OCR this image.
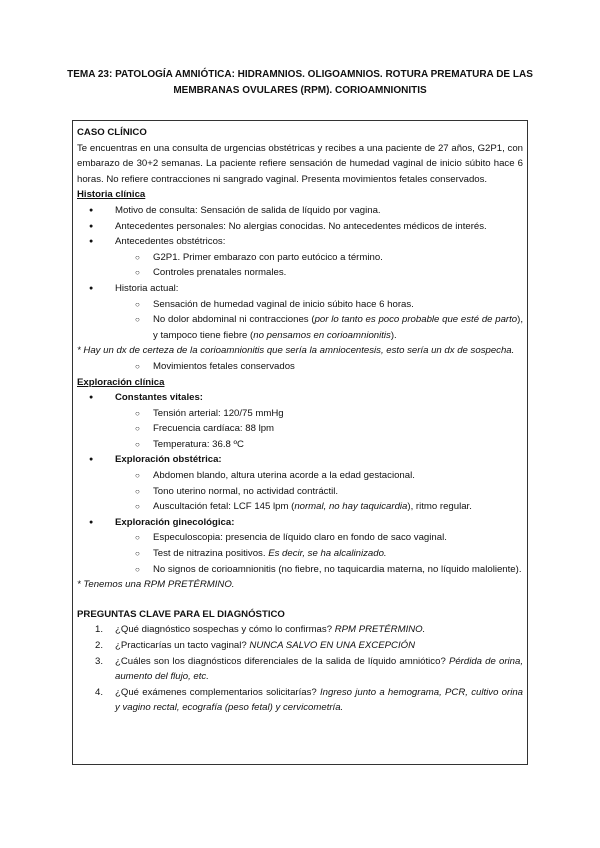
TEMA 23: PATOLOGÍA AMNIÓTICA: HIDRAMNIOS. OLIGOAMNIOS. ROTURA PREMATURA DE LAS
MEMBRANAS OVULARES (RPM). CORIOAMNIONITIS
CASO CLÍNICO
Te encuentras en una consulta de urgencias obstétricas y recibes a una paciente de 27 años, G2P1, con embarazo de 30+2 semanas. La paciente refiere sensación de humedad vaginal de inicio súbito hace 6 horas. No refiere contracciones ni sangrado vaginal. Presenta movimientos fetales conservados.
Historia clínica
● Motivo de consulta: Sensación de salida de líquido por vagina.
● Antecedentes personales: No alergias conocidas. No antecedentes médicos de interés.
● Antecedentes obstétricos:
○ G2P1. Primer embarazo con parto eutócico a término.
○ Controles prenatales normales.
● Historia actual:
○ Sensación de humedad vaginal de inicio súbito hace 6 horas.
○ No dolor abdominal ni contracciones (por lo tanto es poco probable que esté de parto), y tampoco tiene fiebre (no pensamos en corioamnionitis).
* Hay un dx de certeza de la corioamnionitis que sería la amniocentesis, esto sería un dx de sospecha.
○ Movimientos fetales conservados
Exploración clínica
● Constantes vitales:
○ Tensión arterial: 120/75 mmHg
○ Frecuencia cardíaca: 88 lpm
○ Temperatura: 36.8 ºC
● Exploración obstétrica:
○ Abdomen blando, altura uterina acorde a la edad gestacional.
○ Tono uterino normal, no actividad contráctil.
○ Auscultación fetal: LCF 145 lpm (normal, no hay taquicardia), ritmo regular.
● Exploración ginecológica:
○ Especuloscopia: presencia de líquido claro en fondo de saco vaginal.
○ Test de nitrazina positivos. Es decir, se ha alcalinizado.
○ No signos de corioamnionitis (no fiebre, no taquicardia materna, no líquido maloliente).
* Tenemos una RPM PRETÉRMINO.
PREGUNTAS CLAVE PARA EL DIAGNÓSTICO
1. ¿Qué diagnóstico sospechas y cómo lo confirmas? RPM PRETÉRMINO.
2. ¿Practicarías un tacto vaginal? NUNCA SALVO EN UNA EXCEPCIÓN
3. ¿Cuáles son los diagnósticos diferenciales de la salida de líquido amniótico? Pérdida de orina, aumento del flujo, etc.
4. ¿Qué exámenes complementarios solicitarías? Ingreso junto a hemograma, PCR, cultivo orina y vagino rectal, ecografía (peso fetal) y cervicometría.
